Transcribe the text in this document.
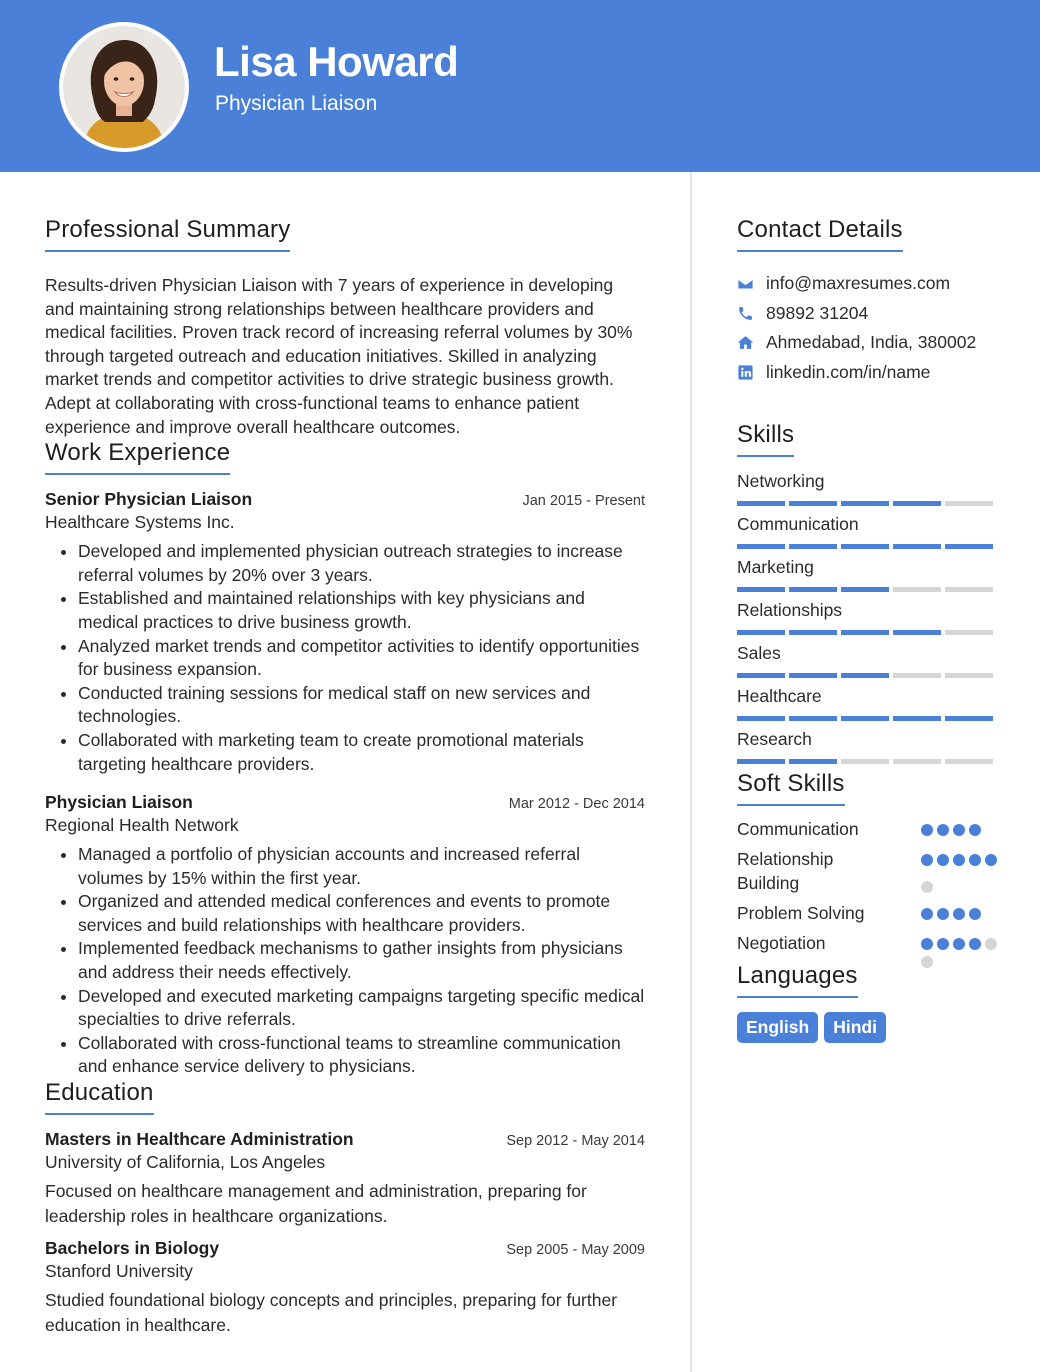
Lisa Howard
Physician Liaison
Professional Summary

Results-driven Physician Liaison with 7 years of experience in developing and maintaining strong relationships between healthcare providers and medical facilities. Proven track record of increasing referral volumes by 30% through targeted outreach and education initiatives. Skilled in analyzing market trends and competitor activities to drive strategic business growth. Adept at collaborating with cross-functional teams to enhance patient experience and improve overall healthcare outcomes.

Work Experience
Senior Physician Liaison	Jan 2015 - Present
Healthcare Systems Inc.
• Developed and implemented physician outreach strategies to increase referral volumes by 20% over 3 years.
• Established and maintained relationships with key physicians and medical practices to drive business growth.
• Analyzed market trends and competitor activities to identify opportunities for business expansion.
• Conducted training sessions for medical staff on new services and technologies.
• Collaborated with marketing team to create promotional materials targeting healthcare providers.
Physician Liaison	Mar 2012 - Dec 2014
Regional Health Network
• Managed a portfolio of physician accounts and increased referral volumes by 15% within the first year.
• Organized and attended medical conferences and events to promote services and build relationships with healthcare providers.
• Implemented feedback mechanisms to gather insights from physicians and address their needs effectively.
• Developed and executed marketing campaigns targeting specific medical specialties to drive referrals.
• Collaborated with cross-functional teams to streamline communication and enhance service delivery to physicians.
Education
Masters in Healthcare Administration	Sep 2012 - May 2014
University of California, Los Angeles

Focused on healthcare management and administration, preparing for leadership roles in healthcare organizations.

Bachelors in Biology	Sep 2005 - May 2009
Stanford University

Studied foundational biology concepts and principles, preparing for further education in healthcare.

Contact Details
info@maxresumes.com
89892 31204
Ahmedabad, India, 380002
linkedin.com/in/name
Skills
Networking
Communication
Marketing
Relationships
Sales
Healthcare
Research
Soft Skills
Communication
Relationship Building
Problem Solving
Negotiation
Languages
English	Hindi
